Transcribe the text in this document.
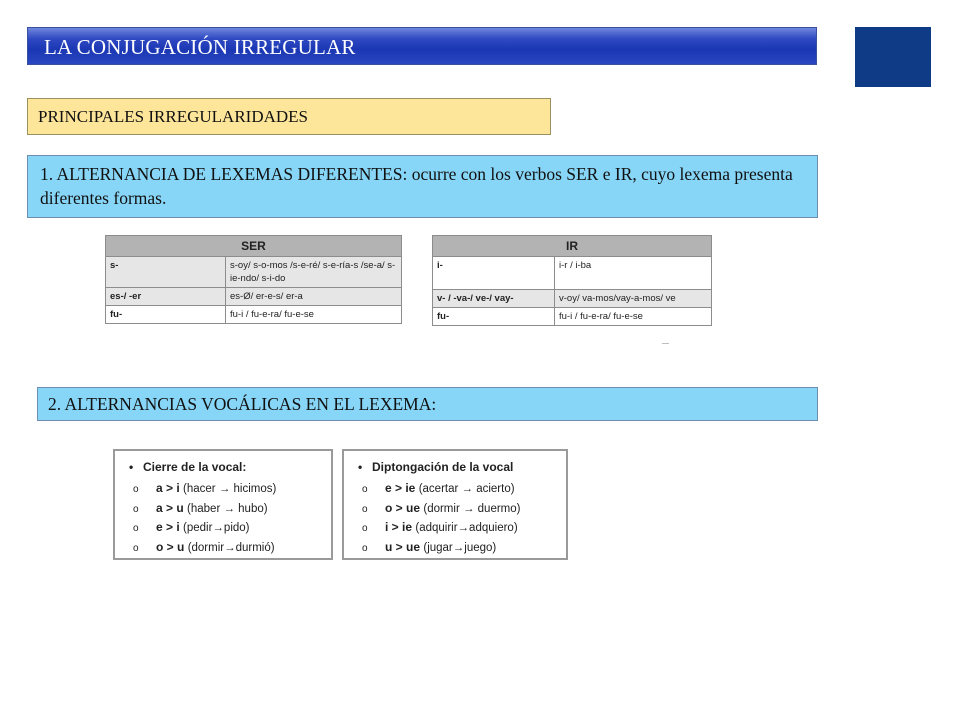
LA CONJUGACIÓN IRREGULAR
PRINCIPALES IRREGULARIDADES
1. ALTERNANCIA DE LEXEMAS DIFERENTES: ocurre con los verbos SER e IR, cuyo lexema presenta diferentes formas.
SER	
s-	s-oy/ s-o-mos /s-e-ré/ s-e-ría-s /se-a/ s-ie-ndo/ s-i-do
es-/ -er	es-Ø/ er-e-s/ er-a
fu-	fu-i / fu-e-ra/ fu-e-se
IR	
i-	i-r / i-ba
v- / -va-/ ve-/ vay-	v-oy/ va-mos/vay-a-mos/ ve
fu-	fu-i / fu-e-ra/ fu-e-se
2. ALTERNANCIAS VOCÁLICAS EN EL LEXEMA:
• Cierre de la vocal:
o a > i (hacer → hicimos)
o a > u (haber → hubo)
o e > i (pedir→pido)
o o > u (dormir→durmió)
• Diptongación de la vocal
o e > ie (acertar → acierto)
o o > ue (dormir → duermo)
o i > ie (adquirir→adquiero)
o u > ue (jugar→juego)
